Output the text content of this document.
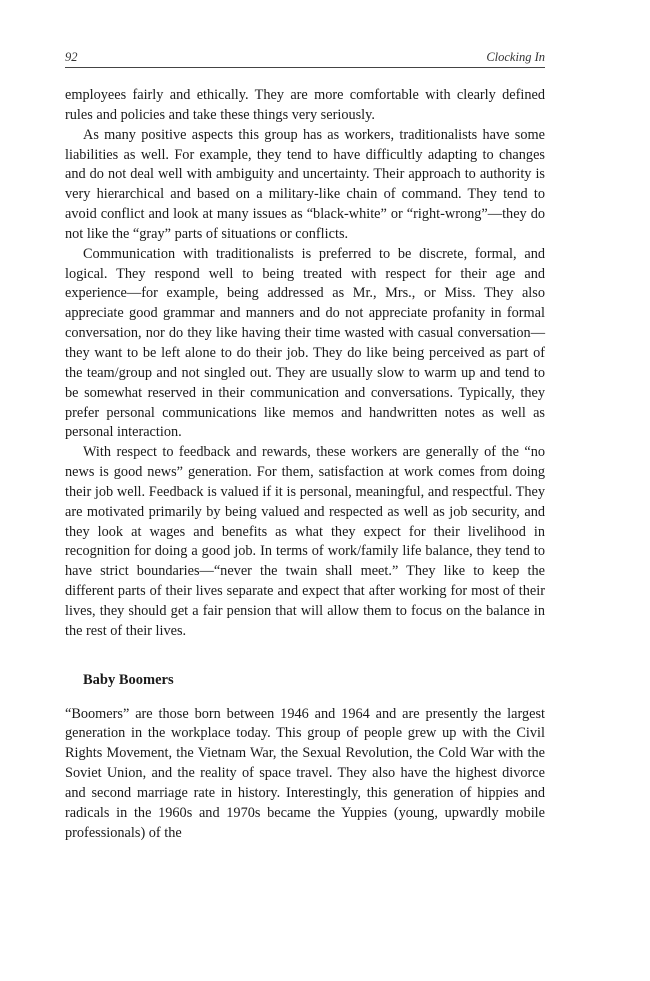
92	Clocking In

employees fairly and ethically. They are more comfortable with clearly defined rules and policies and take these things very seriously.

As many positive aspects this group has as workers, traditionalists have some liabilities as well. For example, they tend to have difficultly adapting to changes and do not deal well with ambiguity and uncertainty. Their approach to authority is very hierarchical and based on a military-like chain of command. They tend to avoid conflict and look at many issues as “black-white” or “right-wrong”—they do not like the “gray” parts of situations or conflicts.

Communication with traditionalists is preferred to be discrete, formal, and logical. They respond well to being treated with respect for their age and experience—for example, being addressed as Mr., Mrs., or Miss. They also appreciate good grammar and manners and do not appreciate profanity in formal conversation, nor do they like having their time wasted with casual conversation—they want to be left alone to do their job. They do like being perceived as part of the team/group and not singled out. They are usually slow to warm up and tend to be somewhat reserved in their communication and conversations. Typically, they prefer personal communications like memos and handwritten notes as well as personal interaction.

With respect to feedback and rewards, these workers are generally of the “no news is good news” generation. For them, satisfaction at work comes from doing their job well. Feedback is valued if it is personal, meaningful, and respectful. They are motivated primarily by being valued and respected as well as job security, and they look at wages and benefits as what they expect for their livelihood in recognition for doing a good job. In terms of work/family life balance, they tend to have strict boundaries—“never the twain shall meet.” They like to keep the different parts of their lives separate and expect that after working for most of their lives, they should get a fair pension that will allow them to focus on the balance in the rest of their lives.

Baby Boomers

“Boomers” are those born between 1946 and 1964 and are presently the largest generation in the workplace today. This group of people grew up with the Civil Rights Movement, the Vietnam War, the Sexual Revolution, the Cold War with the Soviet Union, and the reality of space travel. They also have the highest divorce and second marriage rate in history. Interestingly, this generation of hippies and radicals in the 1960s and 1970s became the Yuppies (young, upwardly mobile professionals) of the
